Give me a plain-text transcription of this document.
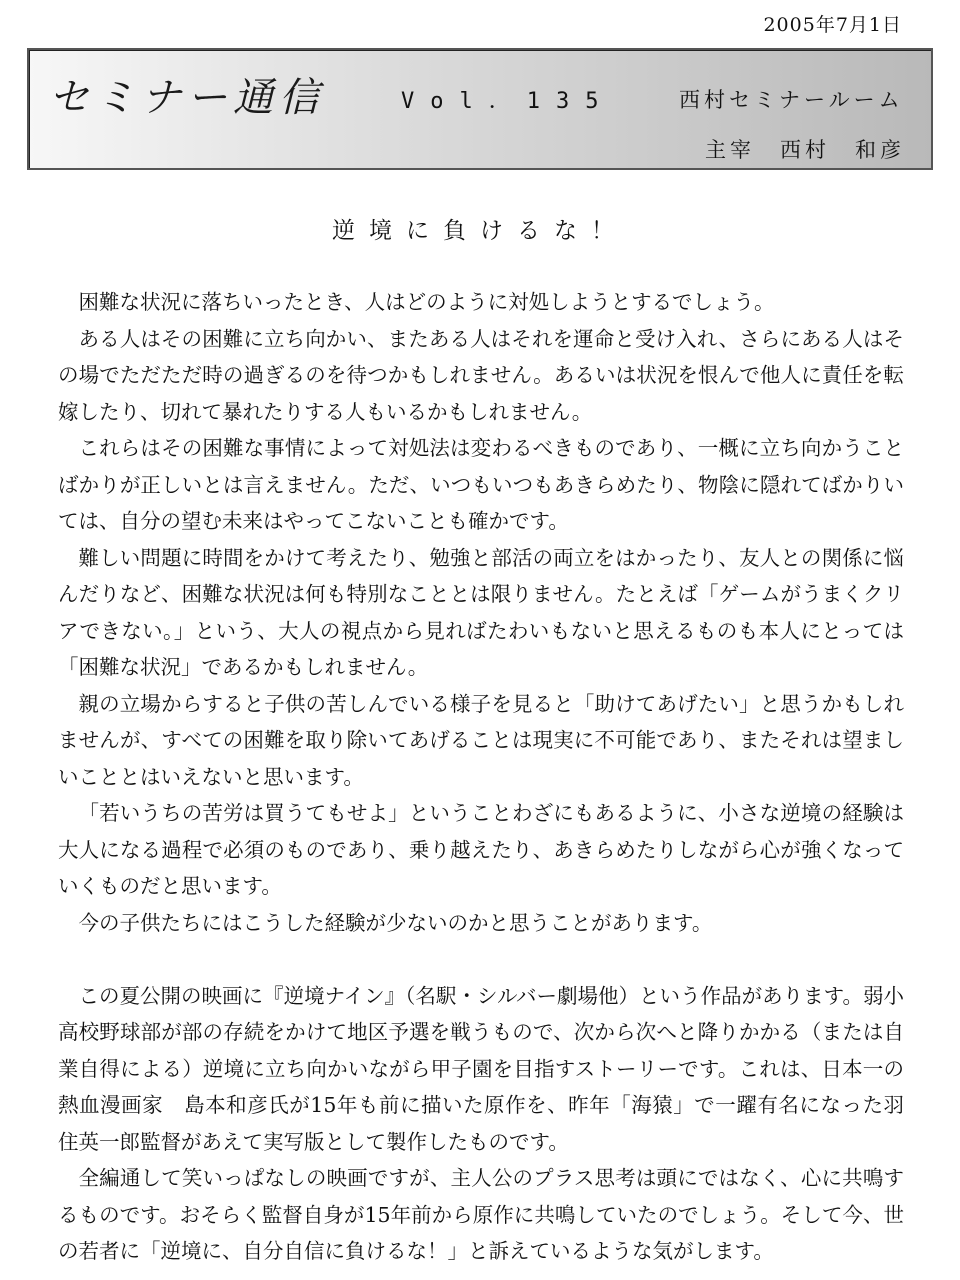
2005年7月1日
セミナー通信	Vol．135	西村セミナールーム
主宰　西村　和彦
逆境に負けるな！

困難な状況に落ちいったとき、人はどのように対処しようとするでしょう。

ある人はその困難に立ち向かい、またある人はそれを運命と受け入れ、さらにある人はその場でただただ時の過ぎるのを待つかもしれません。あるいは状況を恨んで他人に責任を転嫁したり、切れて暴れたりする人もいるかもしれません。

これらはその困難な事情によって対処法は変わるべきものであり、一概に立ち向かうことばかりが正しいとは言えません。ただ、いつもいつもあきらめたり、物陰に隠れてばかりいては、自分の望む未来はやってこないことも確かです。

難しい問題に時間をかけて考えたり、勉強と部活の両立をはかったり、友人との関係に悩んだりなど、困難な状況は何も特別なこととは限りません。たとえば「ゲームがうまくクリアできない。」という、大人の視点から見ればたわいもないと思えるものも本人にとっては「困難な状況」であるかもしれません。

親の立場からすると子供の苦しんでいる様子を見ると「助けてあげたい」と思うかもしれませんが、すべての困難を取り除いてあげることは現実に不可能であり、またそれは望ましいこととはいえないと思います。

「若いうちの苦労は買うてもせよ」ということわざにもあるように、小さな逆境の経験は大人になる過程で必須のものであり、乗り越えたり、あきらめたりしながら心が強くなっていくものだと思います。

今の子供たちにはこうした経験が少ないのかと思うことがあります。

この夏公開の映画に『逆境ナイン』（名駅・シルバー劇場他）という作品があります。弱小高校野球部が部の存続をかけて地区予選を戦うもので、次から次へと降りかかる（または自業自得による）逆境に立ち向かいながら甲子園を目指すストーリーです。これは、日本一の熱血漫画家　島本和彦氏が15年も前に描いた原作を、昨年「海猿」で一躍有名になった羽住英一郎監督があえて実写版として製作したものです。

全編通して笑いっぱなしの映画ですが、主人公のプラス思考は頭にではなく、心に共鳴するものです。おそらく監督自身が15年前から原作に共鳴していたのでしょう。そして今、世の若者に「逆境に、自分自信に負けるな！」と訴えているような気がします。
